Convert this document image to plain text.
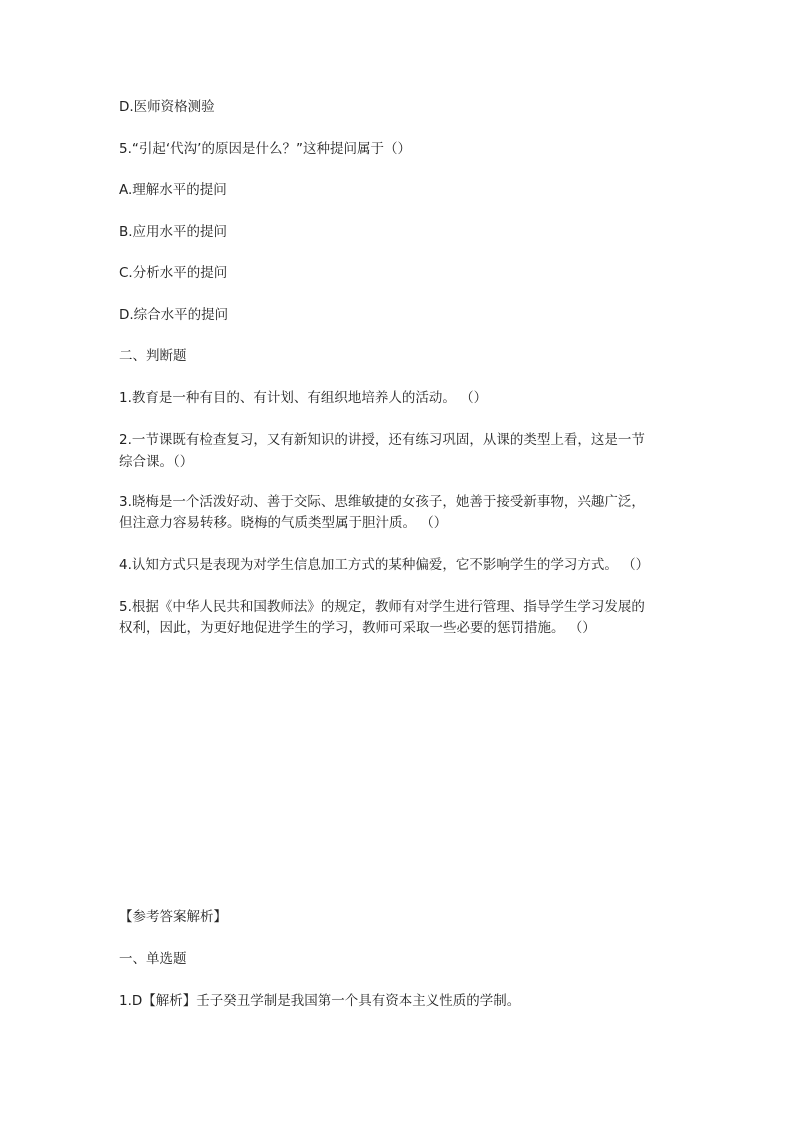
D.医师资格测验
5.“引起‘代沟’的原因是什么？”这种提问属于（）
A.理解水平的提问
B.应用水平的提问
C.分析水平的提问
D.综合水平的提问
二、判断题
1.教育是一种有目的、有计划、有组织地培养人的活动。 （）
2.一节课既有检查复习，又有新知识的讲授，还有练习巩固，从课的类型上看，这是一节
综合课。（）
3.晓梅是一个活泼好动、善于交际、思维敏捷的女孩子，她善于接受新事物，兴趣广泛，
但注意力容易转移。晓梅的气质类型属于胆汁质。 （）
4.认知方式只是表现为对学生信息加工方式的某种偏爱，它不影响学生的学习方式。 （）
5.根据《中华人民共和国教师法》的规定，教师有对学生进行管理、指导学生学习发展的
权利，因此，为更好地促进学生的学习，教师可采取一些必要的惩罚措施。 （）
【参考答案解析】
一、单选题
1.D【解析】壬子癸丑学制是我国第一个具有资本主义性质的学制。
